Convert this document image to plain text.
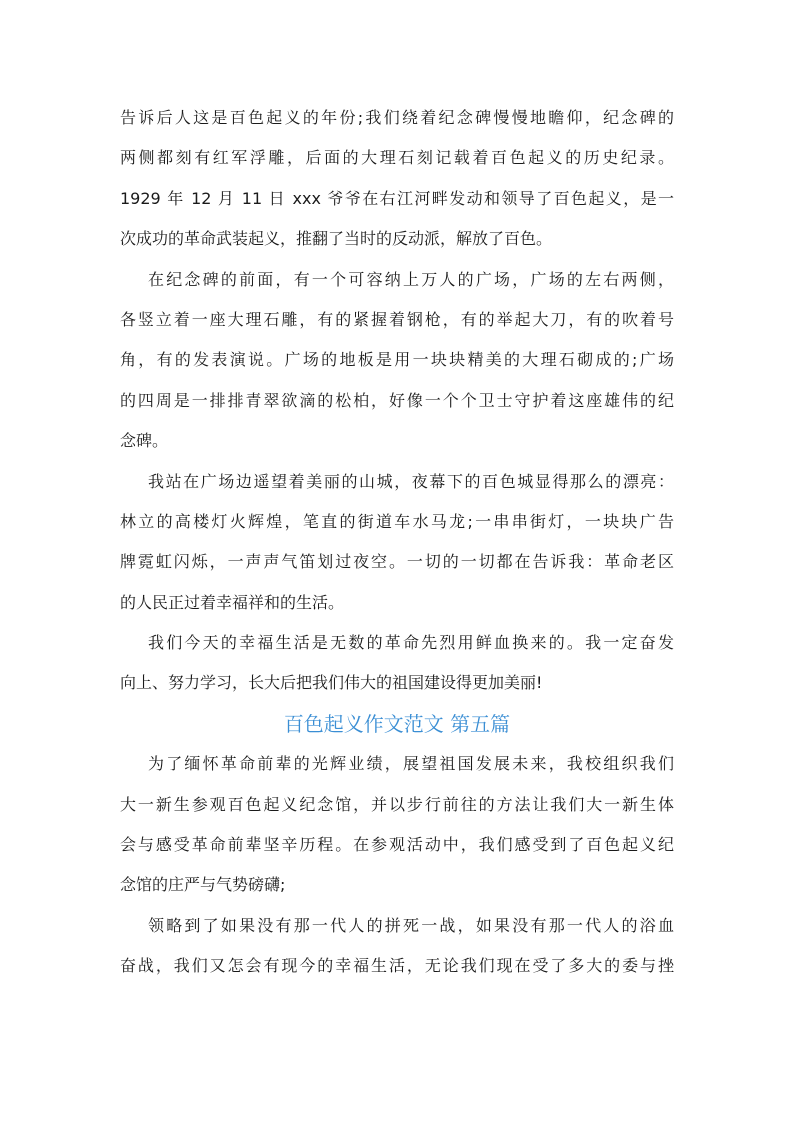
告诉后人这是百色起义的年份;我们绕着纪念碑慢慢地瞻仰，纪念碑的
两侧都刻有红军浮雕，后面的大理石刻记载着百色起义的历史纪录。
1929 年 12 月 11 日 xxx 爷爷在右江河畔发动和领导了百色起义，是一
次成功的革命武装起义，推翻了当时的反动派，解放了百色。
在纪念碑的前面，有一个可容纳上万人的广场，广场的左右两侧，
各竖立着一座大理石雕，有的紧握着钢枪，有的举起大刀，有的吹着号
角，有的发表演说。广场的地板是用一块块精美的大理石砌成的;广场
的四周是一排排青翠欲滴的松柏，好像一个个卫士守护着这座雄伟的纪
念碑。
我站在广场边遥望着美丽的山城，夜幕下的百色城显得那么的漂亮：
林立的高楼灯火辉煌，笔直的街道车水马龙;一串串街灯，一块块广告
牌霓虹闪烁，一声声气笛划过夜空。一切的一切都在告诉我：革命老区
的人民正过着幸福祥和的生活。
我们今天的幸福生活是无数的革命先烈用鲜血换来的。我一定奋发
向上、努力学习，长大后把我们伟大的祖国建设得更加美丽!
百色起义作文范文 第五篇
为了缅怀革命前辈的光辉业绩，展望祖国发展未来，我校组织我们
大一新生参观百色起义纪念馆，并以步行前往的方法让我们大一新生体
会与感受革命前辈坚辛历程。在参观活动中，我们感受到了百色起义纪
念馆的庄严与气势磅礴;
领略到了如果没有那一代人的拼死一战，如果没有那一代人的浴血
奋战，我们又怎会有现今的幸福生活，无论我们现在受了多大的委与挫
